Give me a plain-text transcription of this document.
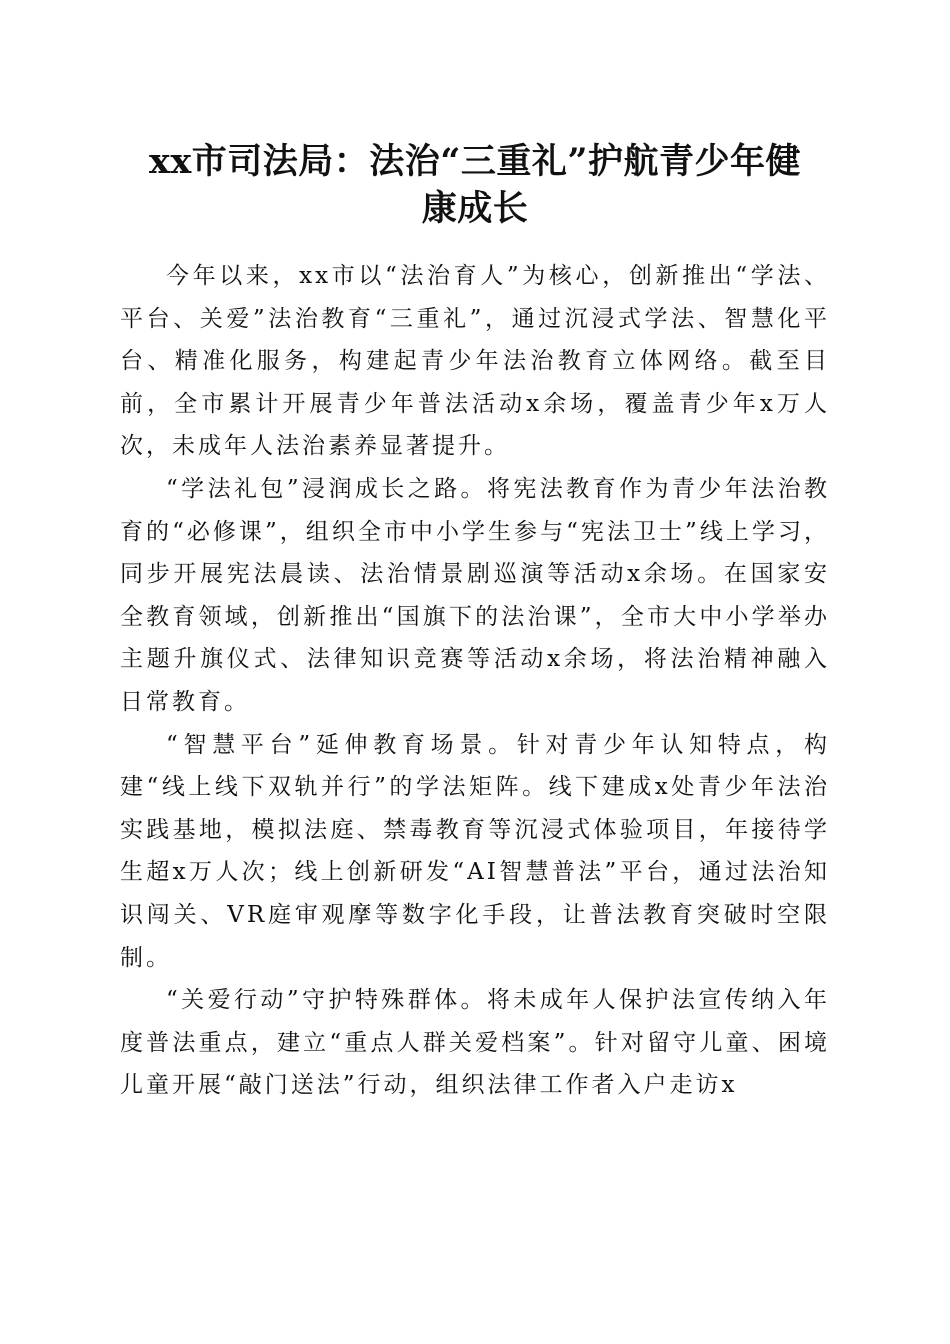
xx市司法局：法治“三重礼”护航青少年健
康成长

今年以来，xx市以“法治育人”为核心，创新推出“学法、平台、关爱”法治教育“三重礼”，通过沉浸式学法、智慧化平台、精准化服务，构建起青少年法治教育立体网络。截至目前，全市累计开展青少年普法活动x余场，覆盖青少年x万人次，未成年人法治素养显著提升。

“学法礼包”浸润成长之路。将宪法教育作为青少年法治教育的“必修课”，组织全市中小学生参与“宪法卫士”线上学习，同步开展宪法晨读、法治情景剧巡演等活动x余场。在国家安全教育领域，创新推出“国旗下的法治课”，全市大中小学举办主题升旗仪式、法律知识竞赛等活动x余场，将法治精神融入日常教育。

“智慧平台”延伸教育场景。针对青少年认知特点，构建“线上线下双轨并行”的学法矩阵。线下建成x处青少年法治实践基地，模拟法庭、禁毒教育等沉浸式体验项目，年接待学生超x万人次；线上创新研发“AI智慧普法”平台，通过法治知识闯关、VR庭审观摩等数字化手段，让普法教育突破时空限制。

“关爱行动”守护特殊群体。将未成年人保护法宣传纳入年度普法重点，建立“重点人群关爱档案”。针对留守儿童、困境儿童开展“敲门送法”行动，组织法律工作者入户走访x
